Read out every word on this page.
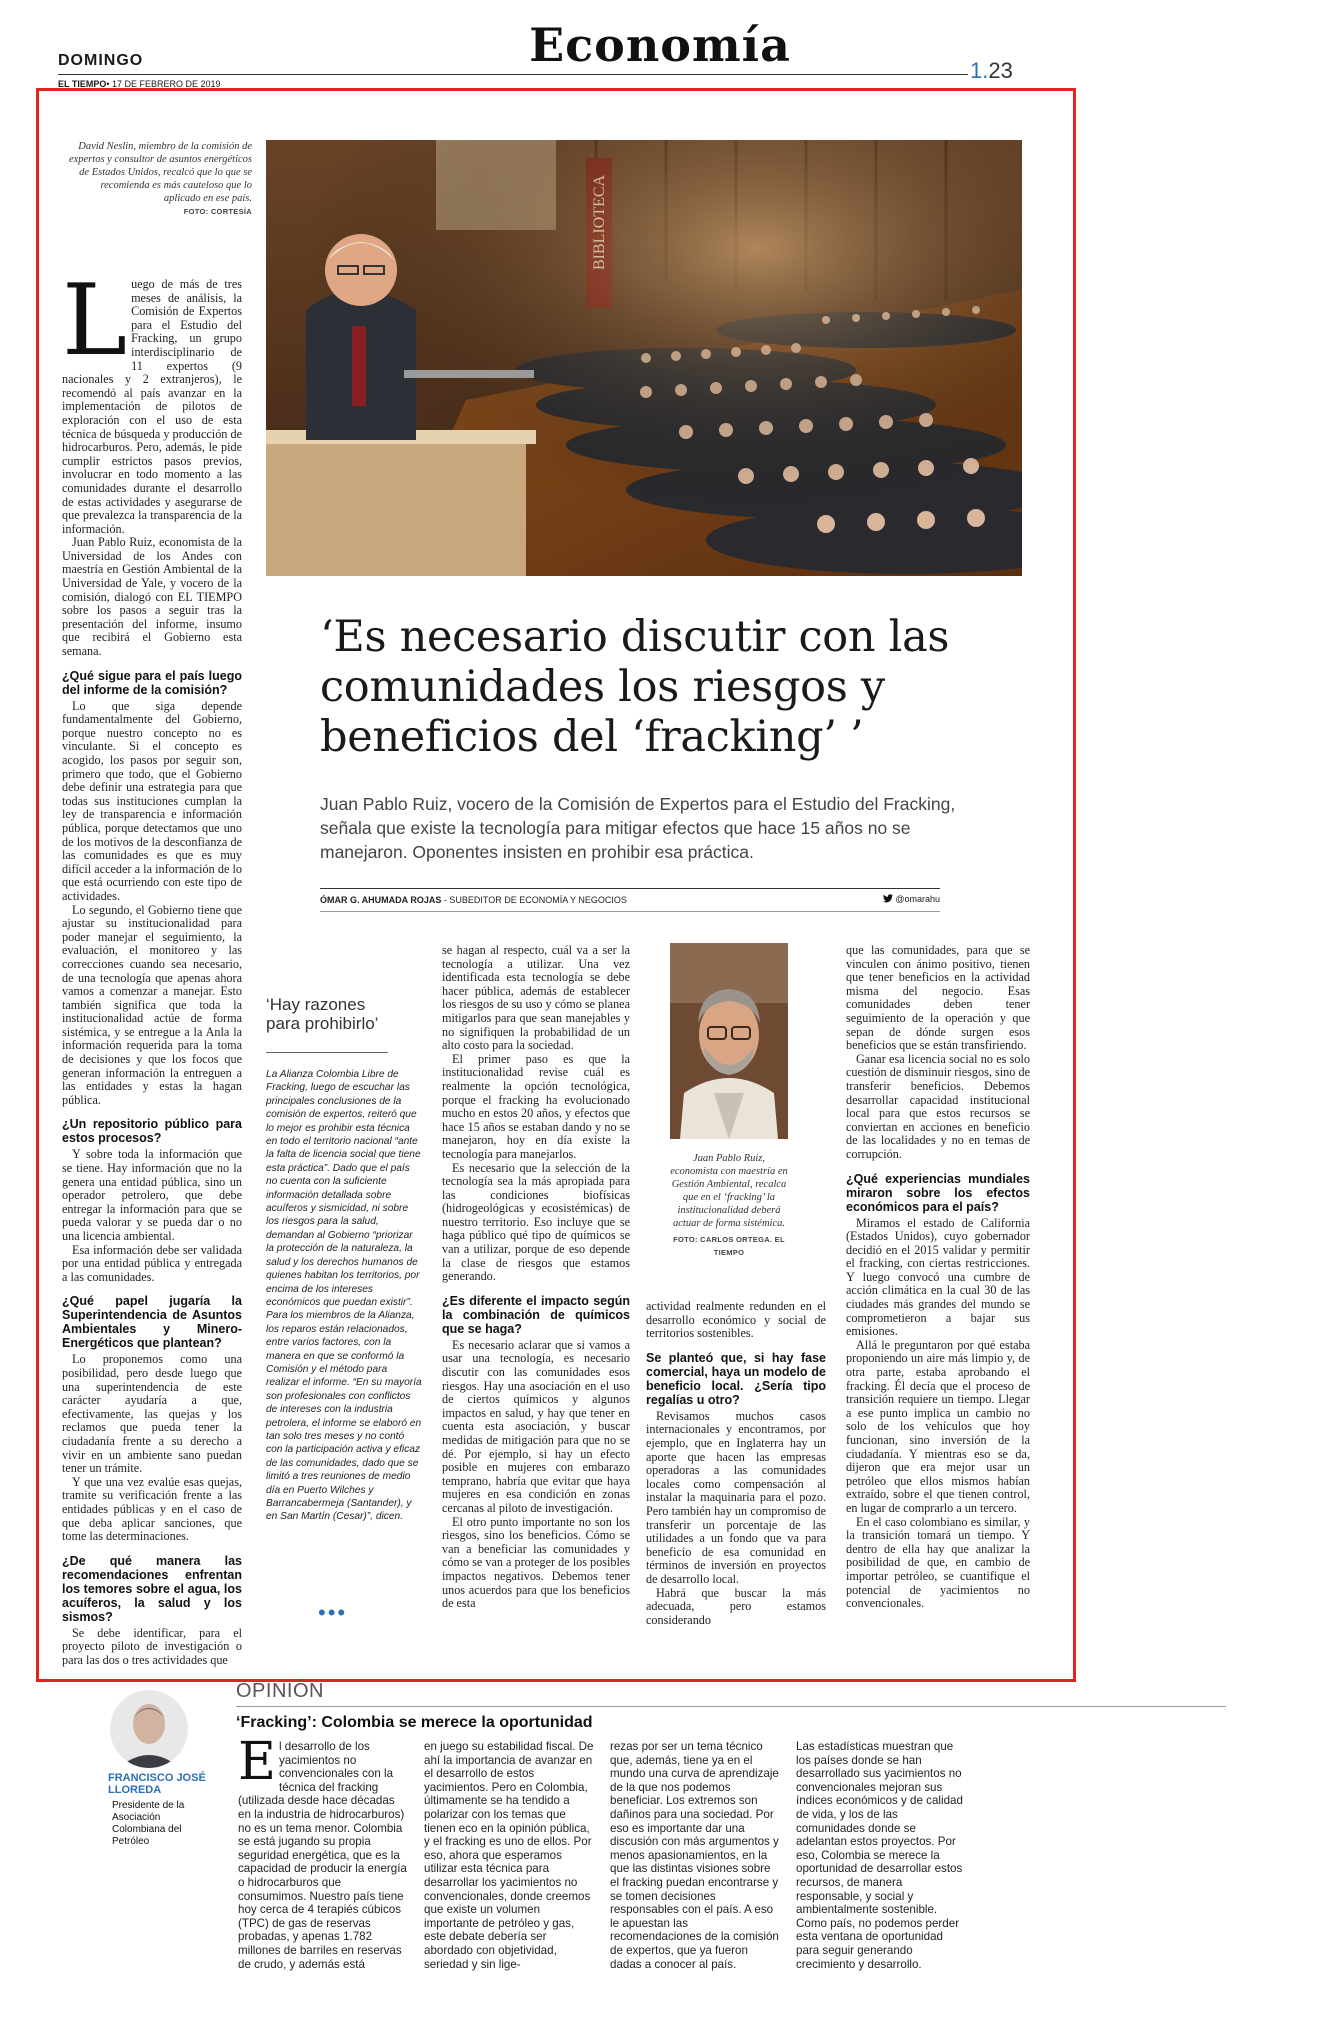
Economía
DOMINGO	1.23
EL TIEMPO• 17 DE FEBRERO DE 2019
David Neslin, miembro de la comisión de expertos y consultor de asuntos energéticos de Estados Unidos, recalcó que lo que se recomienda es más cauteloso que lo aplicado en ese país.
FOTO: CORTESÍA

Luego de más de tres meses de análisis, la Comisión de Expertos para el Estudio del Fracking, un grupo interdisciplinario de 11 expertos (9 nacionales y 2 extranjeros), le recomendó al país avanzar en la implementación de pilotos de exploración con el uso de esta técnica de búsqueda y producción de hidrocarburos. Pero, además, le pide cumplir estrictos pasos previos, involucrar en todo momento a las comunidades durante el desarrollo de estas actividades y asegurarse de que prevalezca la transparencia de la información.

Juan Pablo Ruiz, economista de la Universidad de los Andes con maestría en Gestión Ambiental de la Universidad de Yale, y vocero de la comisión, dialogó con EL TIEMPO sobre los pasos a seguir tras la presentación del informe, insumo que recibirá el Gobierno esta semana.

¿Qué sigue para el país luego del informe de la comisión?

Lo que siga depende fundamentalmente del Gobierno, porque nuestro concepto no es vinculante. Si el concepto es acogido, los pasos por seguir son, primero que todo, que el Gobierno debe definir una estrategia para que todas sus instituciones cumplan la ley de transparencia e información pública, porque detectamos que uno de los motivos de la desconfianza de las comunidades es que es muy difícil acceder a la información de lo que está ocurriendo con este tipo de actividades.

Lo segundo, el Gobierno tiene que ajustar su institucionalidad para poder manejar el seguimiento, la evaluación, el monitoreo y las correcciones cuando sea necesario, de una tecnología que apenas ahora vamos a comenzar a manejar. Esto también significa que toda la institucionalidad actúe de forma sistémica, y se entregue a la Anla la información requerida para la toma de decisiones y que los focos que generan información la entreguen a las entidades y estas la hagan pública.

¿Un repositorio público para estos procesos?

Y sobre toda la información que se tiene. Hay información que no la genera una entidad pública, sino un operador petrolero, que debe entregar la información para que se pueda valorar y se pueda dar o no una licencia ambiental.

Esa información debe ser validada por una entidad pública y entregada a las comunidades.

¿Qué papel jugaría la Superintendencia de Asuntos Ambientales y Minero-Energéticos que plantean?

Lo proponemos como una posibilidad, pero desde luego que una superintendencia de este carácter ayudaría a que, efectivamente, las quejas y los reclamos que pueda tener la ciudadanía frente a su derecho a vivir en un ambiente sano puedan tener un trámite.

Y que una vez evalúe esas quejas, tramite su verificación frente a las entidades públicas y en el caso de que deba aplicar sanciones, que tome las determinaciones.

¿De qué manera las recomendaciones enfrentan los temores sobre el agua, los acuíferos, la salud y los sismos?

Se debe identificar, para el proyecto piloto de investigación o para las dos o tres actividades que

‘Es necesario discutir con las comunidades los riesgos y beneficios del ‘fracking’ ’
Juan Pablo Ruiz, vocero de la Comisión de Expertos para el Estudio del Fracking, señala que existe la tecnología para mitigar efectos que hace 15 años no se manejaron. Oponentes insisten en prohibir esa práctica.
ÓMAR G. AHUMADA ROJAS - SUBEDITOR DE ECONOMÍA Y NEGOCIOS	@omarahu
‘Hay razones para prohibirlo’
La Alianza Colombia Libre de Fracking, luego de escuchar las principales conclusiones de la comisión de expertos, reiteró que lo mejor es prohibir esta técnica en todo el territorio nacional “ante la falta de licencia social que tiene esta práctica”. Dado que el país no cuenta con la suficiente información detallada sobre acuíferos y sismicidad, ni sobre los riesgos para la salud, demandan al Gobierno “priorizar la protección de la naturaleza, la salud y los derechos humanos de quienes habitan los territorios, por encima de los intereses económicos que puedan existir”. Para los miembros de la Alianza, los reparos están relacionados, entre varios factores, con la manera en que se conformó la Comisión y el método para realizar el informe. “En su mayoría son profesionales con conflictos de intereses con la industria petrolera, el informe se elaboró en tan solo tres meses y no contó con la participación activa y eficaz de las comunidades, dado que se limitó a tres reuniones de medio día en Puerto Wilches y Barrancabermeja (Santander), y en San Martín (Cesar)”, dicen.
•••

se hagan al respecto, cuál va a ser la tecnología a utilizar. Una vez identificada esta tecnología se debe hacer pública, además de establecer los riesgos de su uso y cómo se planea mitigarlos para que sean manejables y no signifiquen la probabilidad de un alto costo para la sociedad.

El primer paso es que la institucionalidad revise cuál es realmente la opción tecnológica, porque el fracking ha evolucionado mucho en estos 20 años, y efectos que hace 15 años se estaban dando y no se manejaron, hoy en día existe la tecnología para manejarlos.

Es necesario que la selección de la tecnología sea la más apropiada para las condiciones biofísicas (hidrogeológicas y ecosistémicas) de nuestro territorio. Eso incluye que se haga público qué tipo de químicos se van a utilizar, porque de eso depende la clase de riesgos que estamos generando.

¿Es diferente el impacto según la combinación de químicos que se haga?

Es necesario aclarar que si vamos a usar una tecnología, es necesario discutir con las comunidades esos riesgos. Hay una asociación en el uso de ciertos químicos y algunos impactos en salud, y hay que tener en cuenta esta asociación, y buscar medidas de mitigación para que no se dé. Por ejemplo, si hay un efecto posible en mujeres con embarazo temprano, habría que evitar que haya mujeres en esa condición en zonas cercanas al piloto de investigación.

El otro punto importante no son los riesgos, sino los beneficios. Cómo se van a beneficiar las comunidades y cómo se van a proteger de los posibles impactos negativos. Debemos tener unos acuerdos para que los beneficios de esta

Juan Pablo Ruiz, economista con maestría en Gestión Ambiental, recalca que en el ‘fracking’ la institucionalidad deberá actuar de forma sistémica.
FOTO: CARLOS ORTEGA. EL TIEMPO

actividad realmente redunden en el desarrollo económico y social de territorios sostenibles.

Se planteó que, si hay fase comercial, haya un modelo de beneficio local. ¿Sería tipo regalías u otro?

Revisamos muchos casos internacionales y encontramos, por ejemplo, que en Inglaterra hay un aporte que hacen las empresas operadoras a las comunidades locales como compensación al instalar la maquinaria para el pozo. Pero también hay un compromiso de transferir un porcentaje de las utilidades a un fondo que va para beneficio de esa comunidad en términos de inversión en proyectos de desarrollo local.

Habrá que buscar la más adecuada, pero estamos considerando

que las comunidades, para que se vinculen con ánimo positivo, tienen que tener beneficios en la actividad misma del negocio. Esas comunidades deben tener seguimiento de la operación y que sepan de dónde surgen esos beneficios que se están transfiriendo.

Ganar esa licencia social no es solo cuestión de disminuir riesgos, sino de transferir beneficios. Debemos desarrollar capacidad institucional local para que estos recursos se conviertan en acciones en beneficio de las localidades y no en temas de corrupción.

¿Qué experiencias mundiales miraron sobre los efectos económicos para el país?

Miramos el estado de California (Estados Unidos), cuyo gobernador decidió en el 2015 validar y permitir el fracking, con ciertas restricciones. Y luego convocó una cumbre de acción climática en la cual 30 de las ciudades más grandes del mundo se comprometieron a bajar sus emisiones.

Allá le preguntaron por qué estaba proponiendo un aire más limpio y, de otra parte, estaba aprobando el fracking. Él decía que el proceso de transición requiere un tiempo. Llegar a ese punto implica un cambio no solo de los vehículos que hoy funcionan, sino inversión de la ciudadanía. Y mientras eso se da, dijeron que era mejor usar un petróleo que ellos mismos habían extraído, sobre el que tienen control, en lugar de comprarlo a un tercero.

En el caso colombiano es similar, y la transición tomará un tiempo. Y dentro de ella hay que analizar la posibilidad de que, en cambio de importar petróleo, se cuantifique el potencial de yacimientos no convencionales.

FRANCISCO JOSÉ LLOREDA
Presidente de la Asociación Colombiana del Petróleo
OPINIÓN
‘Fracking’: Colombia se merece la oportunidad

El desarrollo de los yacimientos no convencionales con la técnica del fracking (utilizada desde hace décadas en la industria de hidrocarburos) no es un tema menor. Colombia se está jugando su propia seguridad energética, que es la capacidad de producir la energía o hidrocarburos que consumimos. Nuestro país tiene hoy cerca de 4 terapiés cúbicos (TPC) de gas de reservas probadas, y apenas 1.782 millones de barriles en reservas de crudo, y además está

en juego su estabilidad fiscal. De ahí la importancia de avanzar en el desarrollo de estos yacimientos. Pero en Colombia, últimamente se ha tendido a polarizar con los temas que tienen eco en la opinión pública, y el fracking es uno de ellos. Por eso, ahora que esperamos utilizar esta técnica para desarrollar los yacimientos no convencionales, donde creemos que existe un volumen importante de petróleo y gas, este debate debería ser abordado con objetividad, seriedad y sin lige-

rezas por ser un tema técnico que, además, tiene ya en el mundo una curva de aprendizaje de la que nos podemos beneficiar. Los extremos son dañinos para una sociedad. Por eso es importante dar una discusión con más argumentos y menos apasionamientos, en la que las distintas visiones sobre el fracking puedan encontrarse y se tomen decisiones responsables con el país. A eso le apuestan las recomendaciones de la comisión de expertos, que ya fueron dadas a conocer al país.

Las estadísticas muestran que los países donde se han desarrollado sus yacimientos no convencionales mejoran sus índices económicos y de calidad de vida, y los de las comunidades donde se adelantan estos proyectos. Por eso, Colombia se merece la oportunidad de desarrollar estos recursos, de manera responsable, y social y ambientalmente sostenible. Como país, no podemos perder esta ventana de oportunidad para seguir generando crecimiento y desarrollo.
